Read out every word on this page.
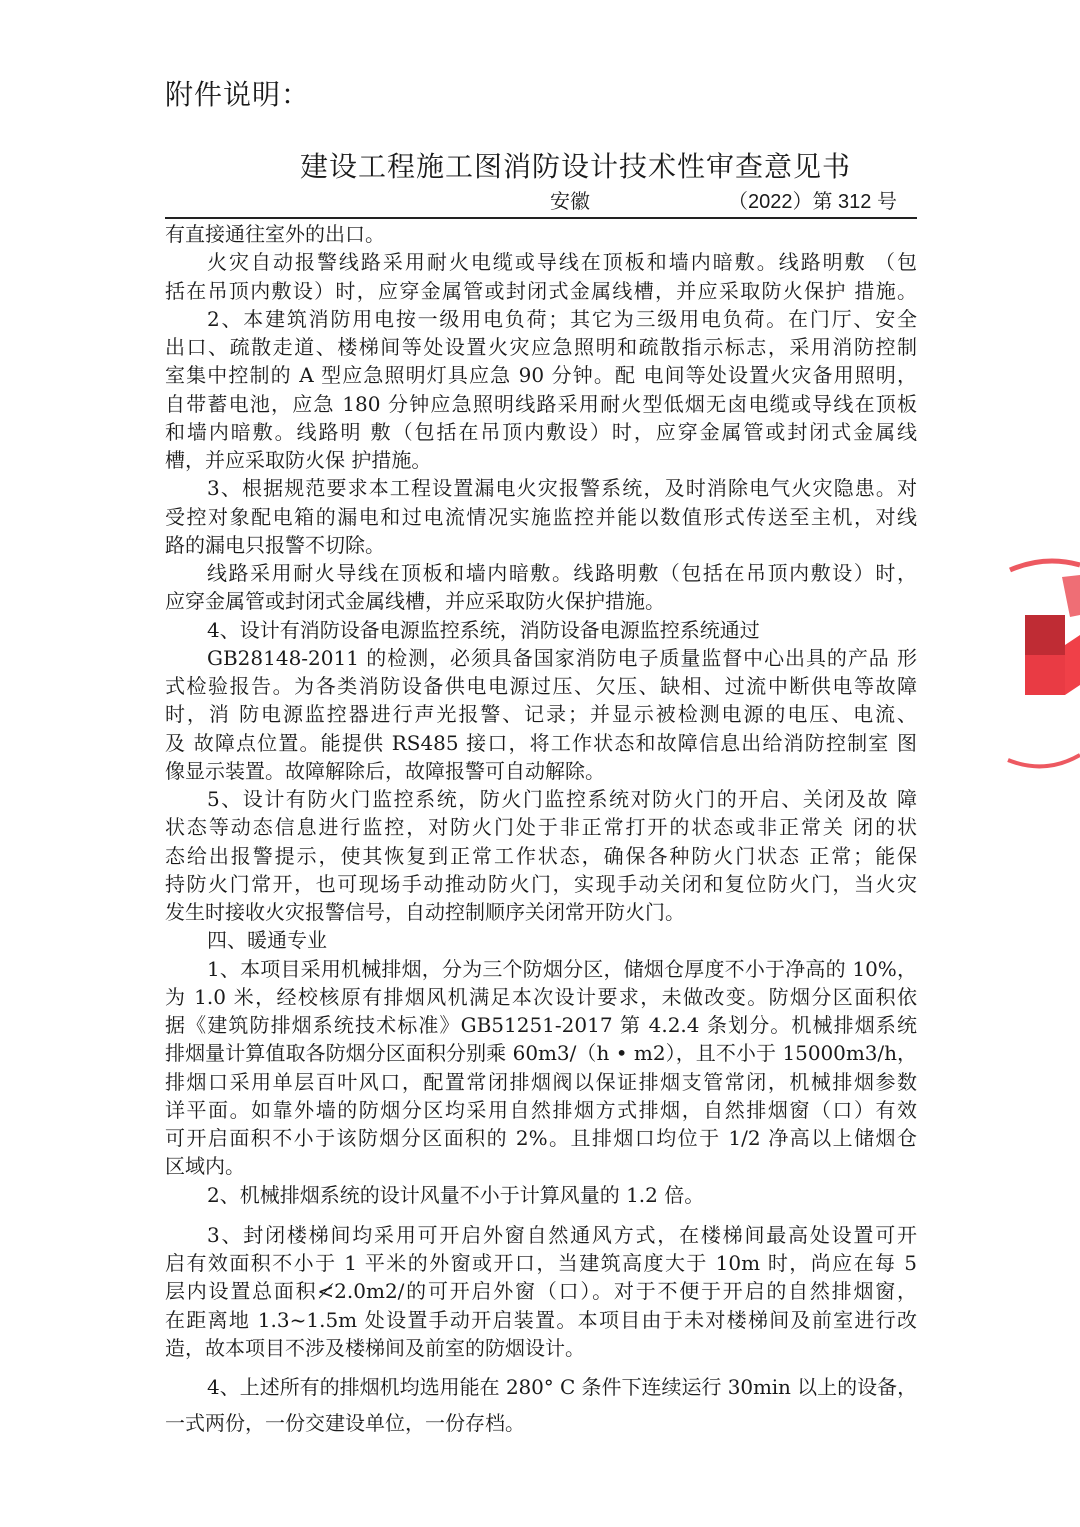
附件说明：
建设工程施工图消防设计技术性审查意见书
安徽	（2022）第 312 号
有直接通往室外的出口。
火灾自动报警线路采用耐火电缆或导线在顶板和墙内暗敷。线路明敷 （包
括在吊顶内敷设）时，应穿金属管或封闭式金属线槽，并应采取防火保护 措施。
2、本建筑消防用电按一级用电负荷；其它为三级用电负荷。在门厅、安全
出口、疏散走道、楼梯间等处设置火灾应急照明和疏散指示标志，采用消防控制
室集中控制的 A 型应急照明灯具应急 90 分钟。配 电间等处设置火灾备用照明，
自带蓄电池，应急 180 分钟应急照明线路采用耐火型低烟无卤电缆或导线在顶板
和墙内暗敷。线路明 敷（包括在吊顶内敷设）时，应穿金属管或封闭式金属线
槽，并应采取防火保 护措施。
3、根据规范要求本工程设置漏电火灾报警系统，及时消除电气火灾隐患。对
受控对象配电箱的漏电和过电流情况实施监控并能以数值形式传送至主机，对线
路的漏电只报警不切除。
线路采用耐火导线在顶板和墙内暗敷。线路明敷（包括在吊顶内敷设）时，
应穿金属管或封闭式金属线槽，并应采取防火保护措施。
4、设计有消防设备电源监控系统，消防设备电源监控系统通过
GB28148-2011 的检测，必须具备国家消防电子质量监督中心出具的产品 形
式检验报告。为各类消防设备供电电源过压、欠压、缺相、过流中断供电等故障
时，消 防电源监控器进行声光报警、记录；并显示被检测电源的电压、电流、
及 故障点位置。能提供 RS485 接口，将工作状态和故障信息出给消防控制室 图
像显示装置。故障解除后，故障报警可自动解除。
5、设计有防火门监控系统，防火门监控系统对防火门的开启、关闭及故 障
状态等动态信息进行监控，对防火门处于非正常打开的状态或非正常关 闭的状
态给出报警提示，使其恢复到正常工作状态，确保各种防火门状态 正常；能保
持防火门常开，也可现场手动推动防火门，实现手动关闭和复位防火门，当火灾
发生时接收火灾报警信号，自动控制顺序关闭常开防火门。
四、暖通专业
1、本项目采用机械排烟，分为三个防烟分区，储烟仓厚度不小于净高的 10%，
为 1.0 米，经校核原有排烟风机满足本次设计要求，未做改变。防烟分区面积依
据《建筑防排烟系统技术标准》GB51251-2017 第 4.2.4 条划分。机械排烟系统
排烟量计算值取各防烟分区面积分别乘 60m3/（h • m2），且不小于 15000m3/h，
排烟口采用单层百叶风口，配置常闭排烟阀以保证排烟支管常闭，机械排烟参数
详平面。如靠外墙的防烟分区均采用自然排烟方式排烟，自然排烟窗（口）有效
可开启面积不小于该防烟分区面积的 2%。且排烟口均位于 1/2 净高以上储烟仓
区域内。
2、机械排烟系统的设计风量不小于计算风量的 1.2 倍。
3、封闭楼梯间均采用可开启外窗自然通风方式，在楼梯间最高处设置可开
启有效面积不小于 1 平米的外窗或开口，当建筑高度大于 10m 时，尚应在每 5
层内设置总面积≮2.0m2/的可开启外窗（口）。对于不便于开启的自然排烟窗，
在距离地 1.3~1.5m 处设置手动开启装置。本项目由于未对楼梯间及前室进行改
造，故本项目不涉及楼梯间及前室的防烟设计。
4、上述所有的排烟机均选用能在 280° C 条件下连续运行 30min 以上的设备，
一式两份，一份交建设单位，一份存档。
